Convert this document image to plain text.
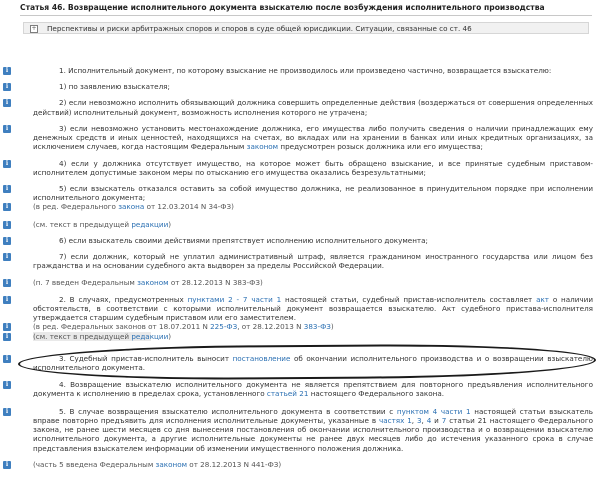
Статья 46. Возвращение исполнительного документа взыскателю после возбуждения исполнительного производства
+ Перспективы и риски арбитражных споров и споров в суде общей юрисдикции. Ситуации, связанные со ст. 46
i
i
i
i
i
i
i
i
i
i
i
i
i
i
i
i
i
i

1. Исполнительный документ, по которому взыскание не производилось или произведено частично, возвращается взыскателю:

1) по заявлению взыскателя;

2) если невозможно исполнить обязывающий должника совершить определенные действия (воздержаться от совершения определенных действий) исполнительный документ, возможность исполнения которого не утрачена;

3) если невозможно установить местонахождение должника, его имущества либо получить сведения о наличии принадлежащих ему денежных средств и иных ценностей, находящихся на счетах, во вкладах или на хранении в банках или иных кредитных организациях, за исключением случаев, когда настоящим Федеральным законом предусмотрен розыск должника или его имущества;

4) если у должника отсутствует имущество, на которое может быть обращено взыскание, и все принятые судебным приставом-исполнителем допустимые законом меры по отысканию его имущества оказались безрезультатными;

5) если взыскатель отказался оставить за собой имущество должника, не реализованное в принудительном порядке при исполнении исполнительного документа;

(в ред. Федерального закона от 12.03.2014 N 34-ФЗ)

(см. текст в предыдущей редакции)

6) если взыскатель своими действиями препятствует исполнению исполнительного документа;

7) если должник, который не уплатил административный штраф, является гражданином иностранного государства или лицом без гражданства и на основании судебного акта выдворен за пределы Российской Федерации.

(п. 7 введен Федеральным законом от 28.12.2013 N 383-ФЗ)

2. В случаях, предусмотренных пунктами 2 - 7 части 1 настоящей статьи, судебный пристав-исполнитель составляет акт о наличии обстоятельств, в соответствии с которыми исполнительный документ возвращается взыскателю. Акт судебного пристава-исполнителя утверждается старшим судебным приставом или его заместителем.

(в ред. Федеральных законов от 18.07.2011 N 225-ФЗ, от 28.12.2013 N 383-ФЗ)

(см. текст в предыдущей редакции)

3. Судебный пристав-исполнитель выносит постановление об окончании исполнительного производства и о возвращении взыскателю исполнительного документа.

4. Возвращение взыскателю исполнительного документа не является препятствием для повторного предъявления исполнительного документа к исполнению в пределах срока, установленного статьей 21 настоящего Федерального закона.

5. В случае возвращения взыскателю исполнительного документа в соответствии с пунктом 4 части 1 настоящей статьи взыскатель вправе повторно предъявить для исполнения исполнительные документы, указанные в частях 1, 3, 4 и 7 статьи 21 настоящего Федерального закона, не ранее шести месяцев со дня вынесения постановления об окончании исполнительного производства и о возвращении взыскателю исполнительного документа, а другие исполнительные документы не ранее двух месяцев либо до истечения указанного срока в случае представления взыскателем информации об изменении имущественного положения должника.

(часть 5 введена Федеральным законом от 28.12.2013 N 441-ФЗ)
